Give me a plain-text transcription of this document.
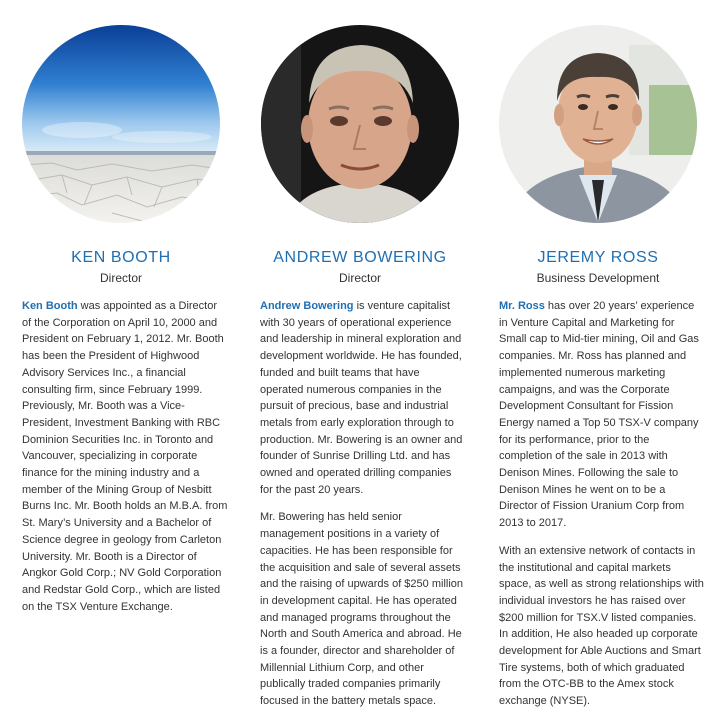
KEN BOOTH
Director

Ken Booth was appointed as a Director of the Corporation on April 10, 2000 and President on February 1, 2012. Mr. Booth has been the President of Highwood Advisory Services Inc., a financial consulting firm, since February 1999. Previously, Mr. Booth was a Vice-President, Investment Banking with RBC Dominion Securities Inc. in Toronto and Vancouver, specializing in corporate finance for the mining industry and a member of the Mining Group of Nesbitt Burns Inc. Mr. Booth holds an M.B.A. from St. Mary’s University and a Bachelor of Science degree in geology from Carleton University. Mr. Booth is a Director of Angkor Gold Corp.; NV Gold Corporation and Redstar Gold Corp., which are listed on the TSX Venture Exchange.

ANDREW BOWERING
Director

Andrew Bowering is venture capitalist with 30 years of operational experience and leadership in mineral exploration and development worldwide. He has founded, funded and built teams that have operated numerous companies in the pursuit of precious, base and industrial metals from early exploration through to production. Mr. Bowering is an owner and founder of Sunrise Drilling Ltd. and has owned and operated drilling companies for the past 20 years.

Mr. Bowering has held senior management positions in a variety of capacities. He has been responsible for the acquisition and sale of several assets and the raising of upwards of $250 million in development capital. He has operated and managed programs throughout the North and South America and abroad. He is a founder, director and shareholder of Millennial Lithium Corp, and other publically traded companies primarily focused in the battery metals space.

JEREMY ROSS
Business Development

Mr. Ross has over 20 years’ experience in Venture Capital and Marketing for Small cap to Mid-tier mining, Oil and Gas companies. Mr. Ross has planned and implemented numerous marketing campaigns, and was the Corporate Development Consultant for Fission Energy named a Top 50 TSX-V company for its performance, prior to the completion of the sale in 2013 with Denison Mines. Following the sale to Denison Mines he went on to be a Director of Fission Uranium Corp from 2013 to 2017.

With an extensive network of contacts in the institutional and capital markets space, as well as strong relationships with individual investors he has raised over $200 million for TSX.V listed companies. In addition, He also headed up corporate development for Able Auctions and Smart Tire systems, both of which graduated from the OTC-BB to the Amex stock exchange (NYSE).
